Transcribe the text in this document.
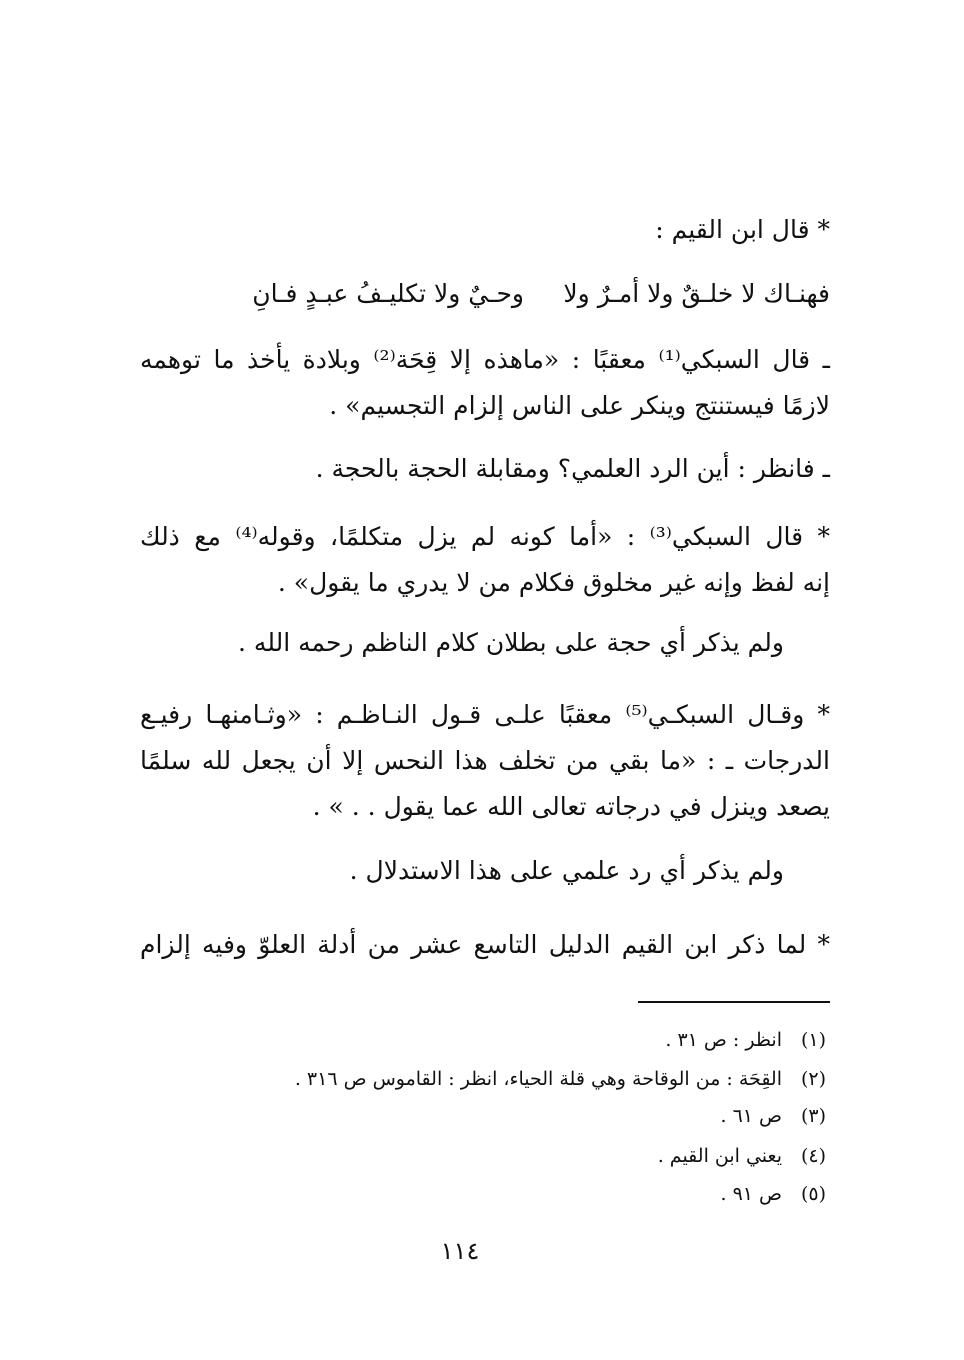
* قال ابن القيم :
فهنـاك لا خلـقٌ ولا أمـرٌ ولا
وحـيٌ ولا تكليـفُ عبـدٍ فـانِ
ـ قال السبكي⁽¹⁾ معقبًا : «ماهذه إلا قِحَة⁽²⁾ وبلادة يأخذ ما توهمه
لازمًا فيستنتج وينكر على الناس إلزام التجسيم» .
ـ فانظر : أين الرد العلمي؟ ومقابلة الحجة بالحجة .
* قال السبكي⁽³⁾ : «أما كونه لم يزل متكلمًا، وقوله⁽⁴⁾ مع ذلك
إنه لفظ وإنه غير مخلوق فكلام من لا يدري ما يقول» .
ولم يذكر أي حجة على بطلان كلام الناظم رحمه الله .
* وقـال السبكـي⁽⁵⁾ معقبًا علـى قـول النـاظـم : «وثـامنهـا رفيـع
الدرجات ـ : «ما بقي من تخلف هذا النحس إلا أن يجعل لله سلمًا
يصعد وينزل في درجاته تعالى الله عما يقول . . » .
ولم يذكر أي رد علمي على هذا الاستدلال .
* لما ذكر ابن القيم الدليل التاسع عشر من أدلة العلوّ وفيه إلزام
(١)انظر : ص ٣١ .
(٢)القِحَة : من الوقاحة وهي قلة الحياء، انظر : القاموس ص ٣١٦ .
(٣)ص ٦١ .
(٤)يعني ابن القيم .
(٥)ص ٩١ .
١١٤
